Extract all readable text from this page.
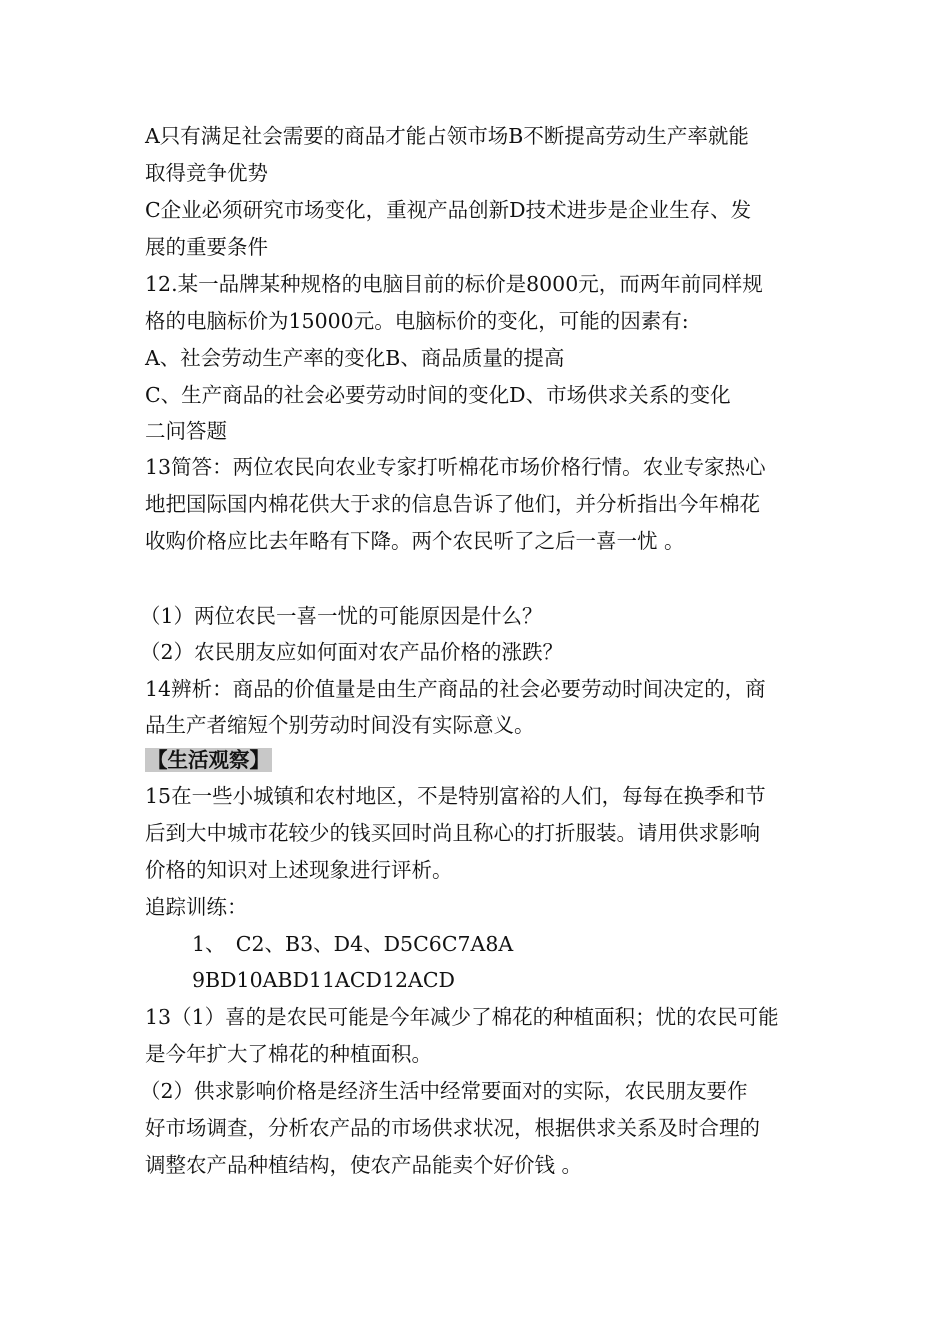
A只有满足社会需要的商品才能占领市场B不断提高劳动生产率就能
取得竞争优势
C企业必须研究市场变化，重视产品创新D技术进步是企业生存、发
展的重要条件
12.某一品牌某种规格的电脑目前的标价是8000元，而两年前同样规
格的电脑标价为15000元。电脑标价的变化，可能的因素有:
A、社会劳动生产率的变化B、商品质量的提高
C、生产商品的社会必要劳动时间的变化D、市场供求关系的变化
二问答题
13简答：两位农民向农业专家打听棉花市场价格行情。农业专家热心
地把国际国内棉花供大于求的信息告诉了他们，并分析指出今年棉花
收购价格应比去年略有下降。两个农民听了之后一喜一忧 。
（1）两位农民一喜一忧的可能原因是什么？
（2）农民朋友应如何面对农产品价格的涨跌？
14辨析：商品的价值量是由生产商品的社会必要劳动时间决定的，商
品生产者缩短个别劳动时间没有实际意义。
【生活观察】
15在一些小城镇和农村地区，不是特别富裕的人们，每每在换季和节
后到大中城市花较少的钱买回时尚且称心的打折服装。请用供求影响
价格的知识对上述现象进行评析。
追踪训练：
1、　C2、B3、D4、D5C6C7A8A
9BD10ABD11ACD12ACD
13（1）喜的是农民可能是今年减少了棉花的种植面积；忧的农民可能
是今年扩大了棉花的种植面积。
（2）供求影响价格是经济生活中经常要面对的实际，农民朋友要作
好市场调查，分析农产品的市场供求状况，根据供求关系及时合理的
调整农产品种植结构，使农产品能卖个好价钱 。
